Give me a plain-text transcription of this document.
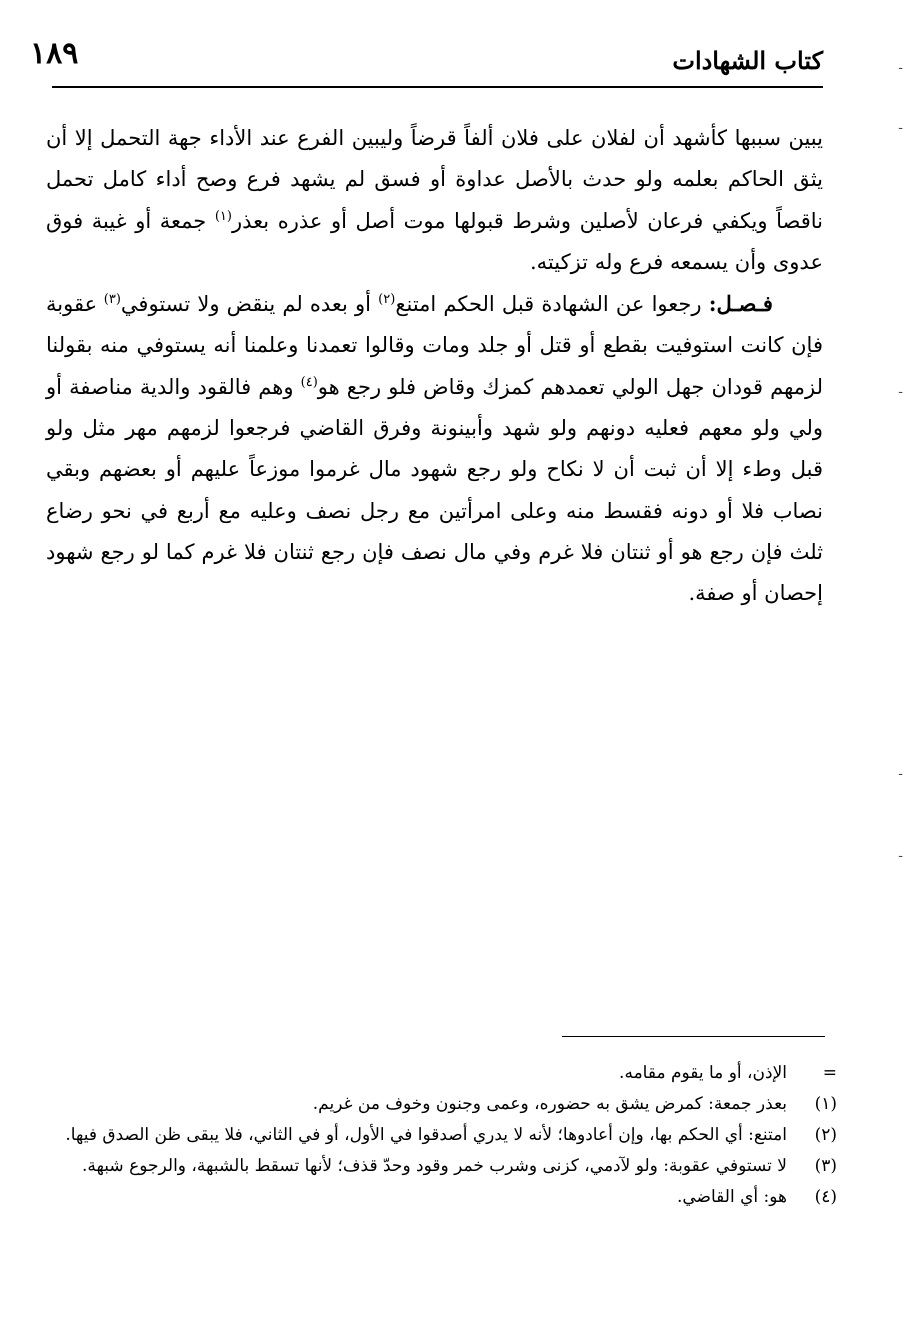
١٨٩	كتاب الشهادات	-
-
-
-
-

يبين سببها كأشهد أن لفلان على فلان ألفاً قرضاً وليبين الفرع عند الأداء جهة التحمل إلا أن يثق الحاكم بعلمه ولو حدث بالأصل عداوة أو فسق لم يشهد فرع وصح أداء كامل تحمل ناقصاً ويكفي فرعان لأصلين وشرط قبولها موت أصل أو عذره بعذر$^{(١)}$ جمعة أو غيبة فوق عدوى وأن يسمعه فرع وله تزكيته.

فـصـل: رجعوا عن الشهادة قبل الحكم امتنع$^{(٢)}$ أو بعده لم ينقض ولا تستوفي$^{(٣)}$ عقوبة فإن كانت استوفيت بقطع أو قتل أو جلد ومات وقالوا تعمدنا وعلمنا أنه يستوفي منه بقولنا لزمهم قودان جهل الولي تعمدهم كمزك وقاض فلو رجع هو$^{(٤)}$ وهم فالقود والدية مناصفة أو ولي ولو معهم فعليه دونهم ولو شهد وأبينونة وفرق القاضي فرجعوا لزمهم مهر مثل ولو قبل وطء إلا أن ثبت أن لا نكاح ولو رجع شهود مال غرموا موزعاً عليهم أو بعضهم وبقي نصاب فلا أو دونه فقسط منه وعلى امرأتين مع رجل نصف وعليه مع أربع في نحو رضاع ثلث فإن رجع هو أو ثنتان فلا غرم وفي مال نصف فإن رجع ثنتان فلا غرم كما لو رجع شهود إحصان أو صفة.

=
الإذن، أو ما يقوم مقامه.
(١)
بعذر جمعة: كمرض يشق به حضوره، وعمى وجنون وخوف من غريم.
(٢)
امتنع: أي الحكم بها، وإن أعادوها؛ لأنه لا يدري أصدقوا في الأول، أو في الثاني، فلا يبقى ظن الصدق فيها.
(٣)
لا تستوفي عقوبة: ولو لآدمي، كزنى وشرب خمر وقود وحدّ قذف؛ لأنها تسقط بالشبهة، والرجوع شبهة.
(٤)
هو: أي القاضي.
